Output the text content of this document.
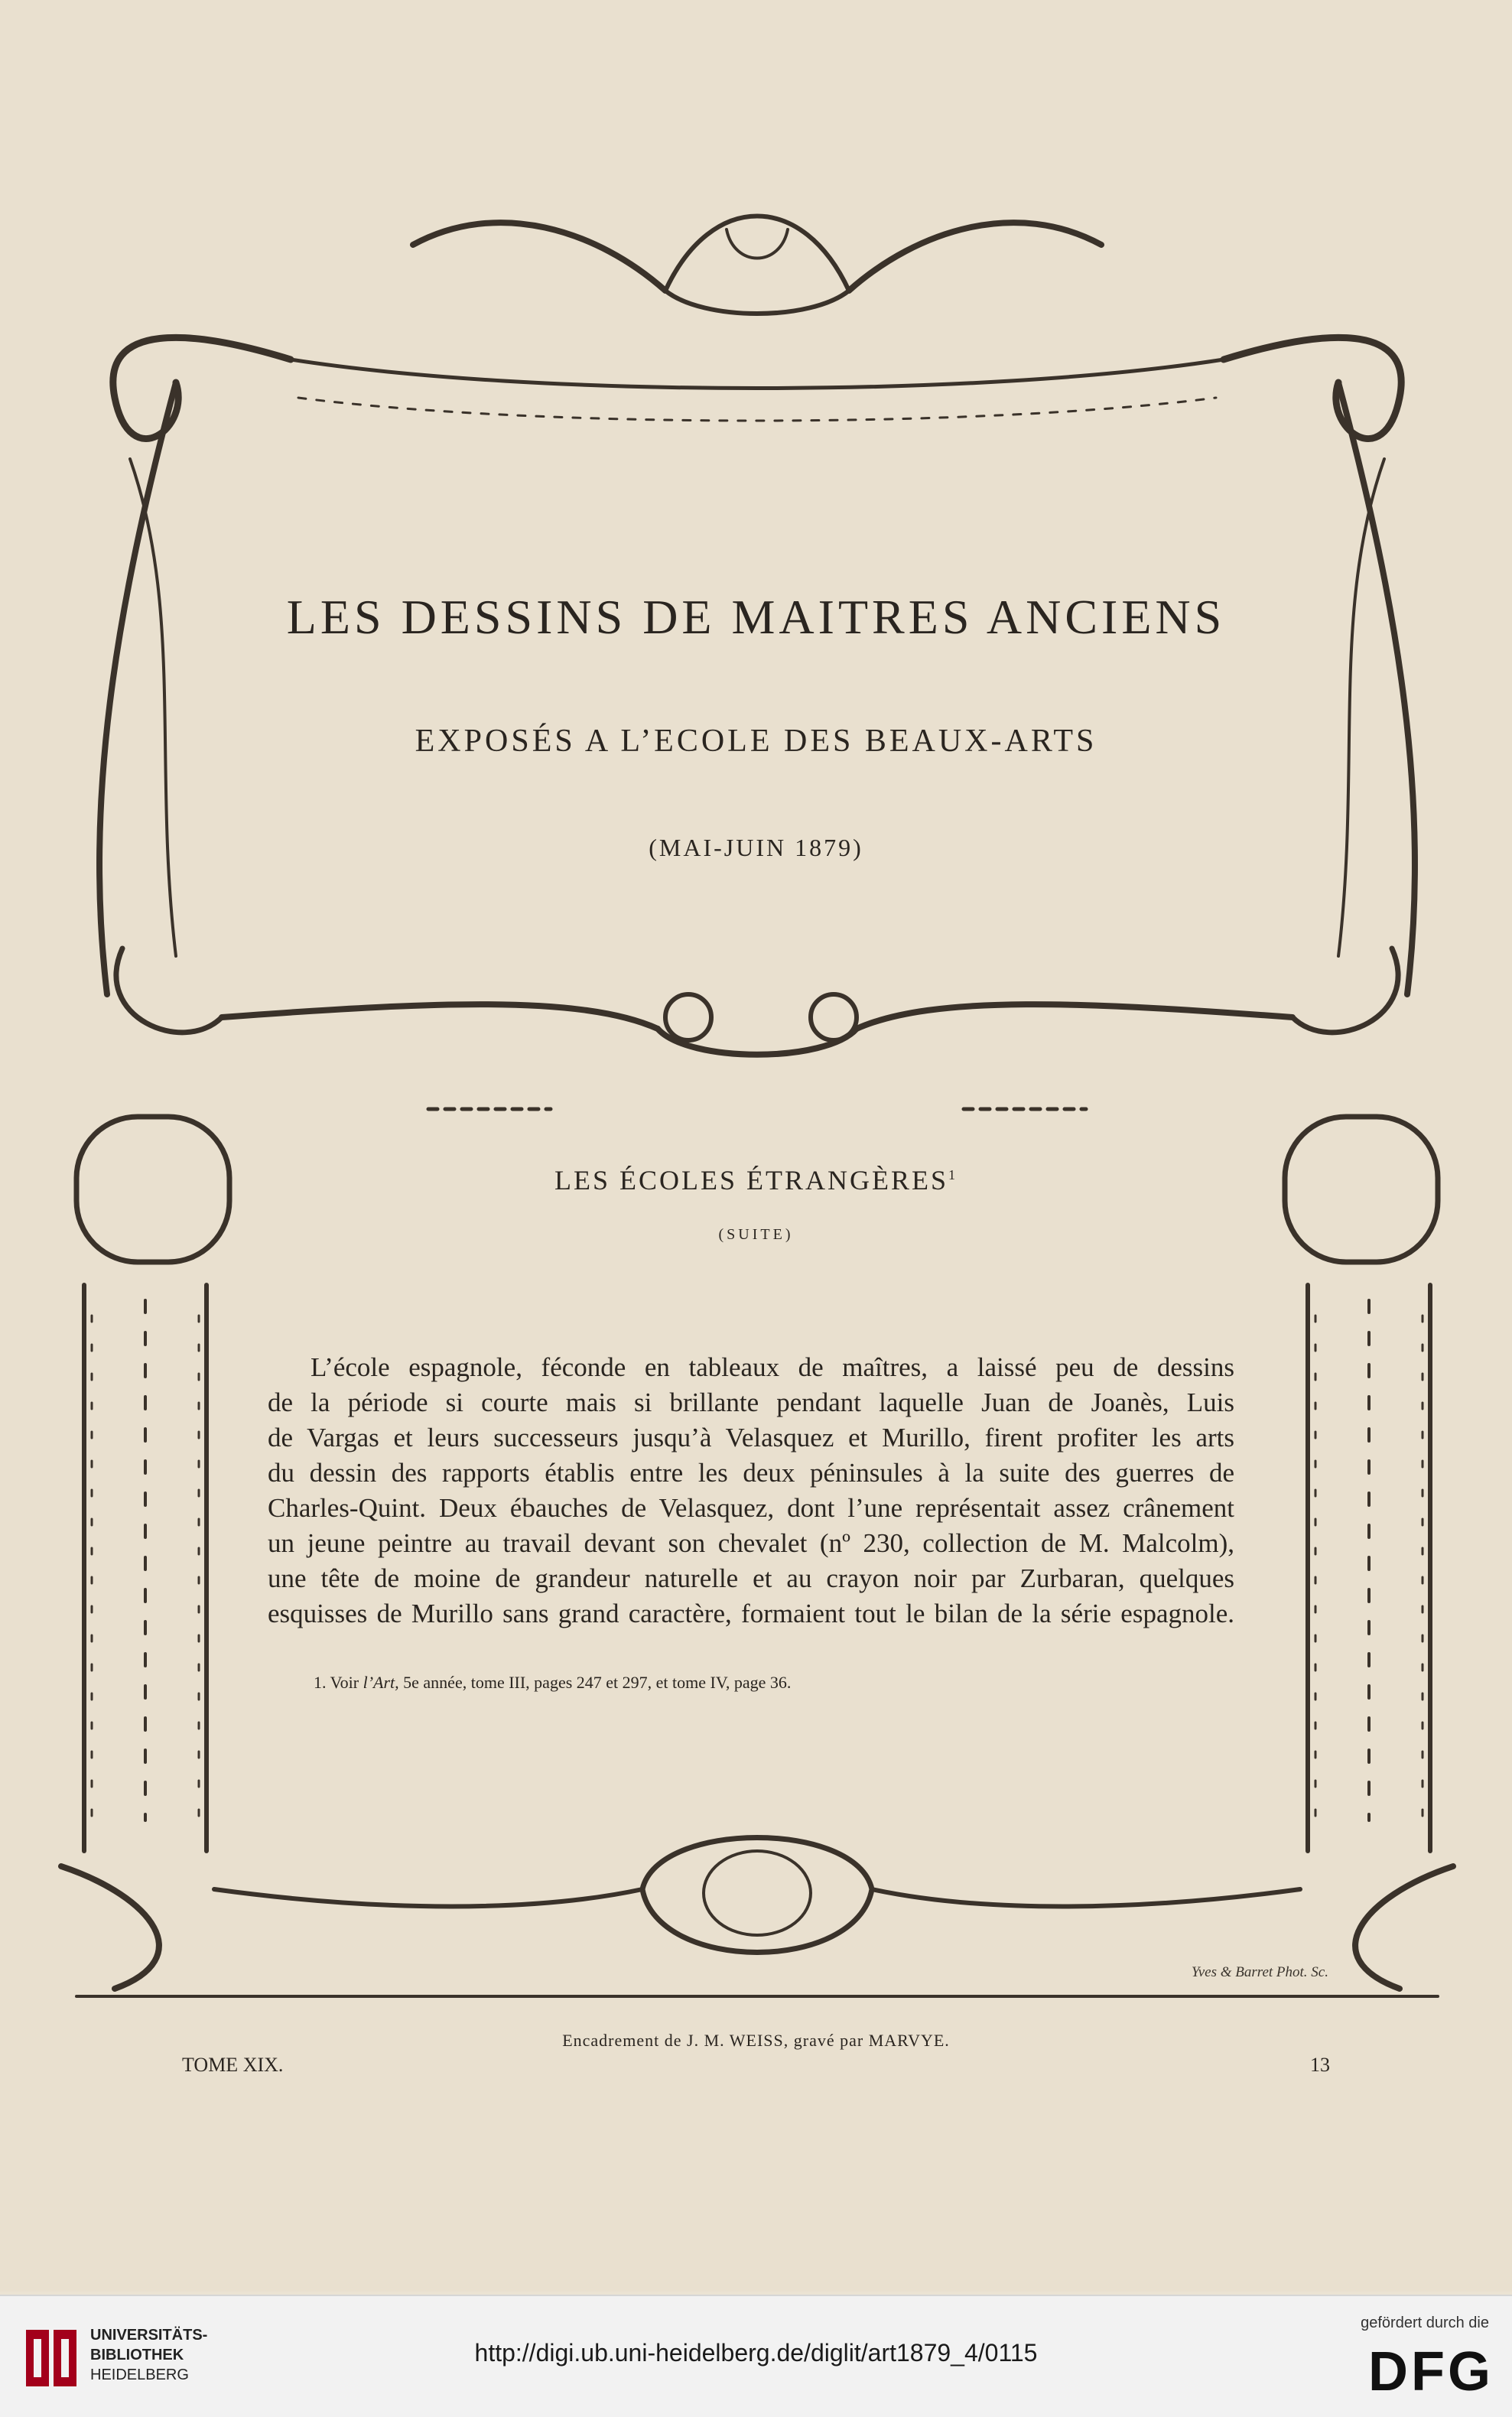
LES DESSINS DE MAITRES ANCIENS
EXPOSÉS A L’ECOLE DES BEAUX-ARTS
(MAI-JUIN 1879)
LES ÉCOLES ÉTRANGÈRES$^1$
(SUITE)

L’école espagnole, féconde en tableaux de maîtres, a laissé peu de dessins

de la période si courte mais si brillante pendant laquelle Juan de Joanès, Luis

de Vargas et leurs successeurs jusqu’à Velasquez et Murillo, firent profiter les arts

du dessin des rapports établis entre les deux péninsules à la suite des guerres de

Charles-Quint. Deux ébauches de Velasquez, dont l’une représentait assez crânement

un jeune peintre au travail devant son chevalet (nº 230, collection de M. Malcolm),

une tête de moine de grandeur naturelle et au crayon noir par Zurbaran, quelques

esquisses de Murillo sans grand caractère, formaient tout le bilan de la série espagnole.

1. Voir l’Art, 5e année, tome III, pages 247 et 297, et tome IV, page 36.
Yves & Barret Phot. Sc.
Encadrement de J. M. WEISS, gravé par MARVYE.
TOME XIX.	13
UNIVERSITÄTS-
BIBLIOTHEK
HEIDELBERG
http://digi.ub.uni-heidelberg.de/diglit/art1879_4/0115
gefördert durch die
DFG
